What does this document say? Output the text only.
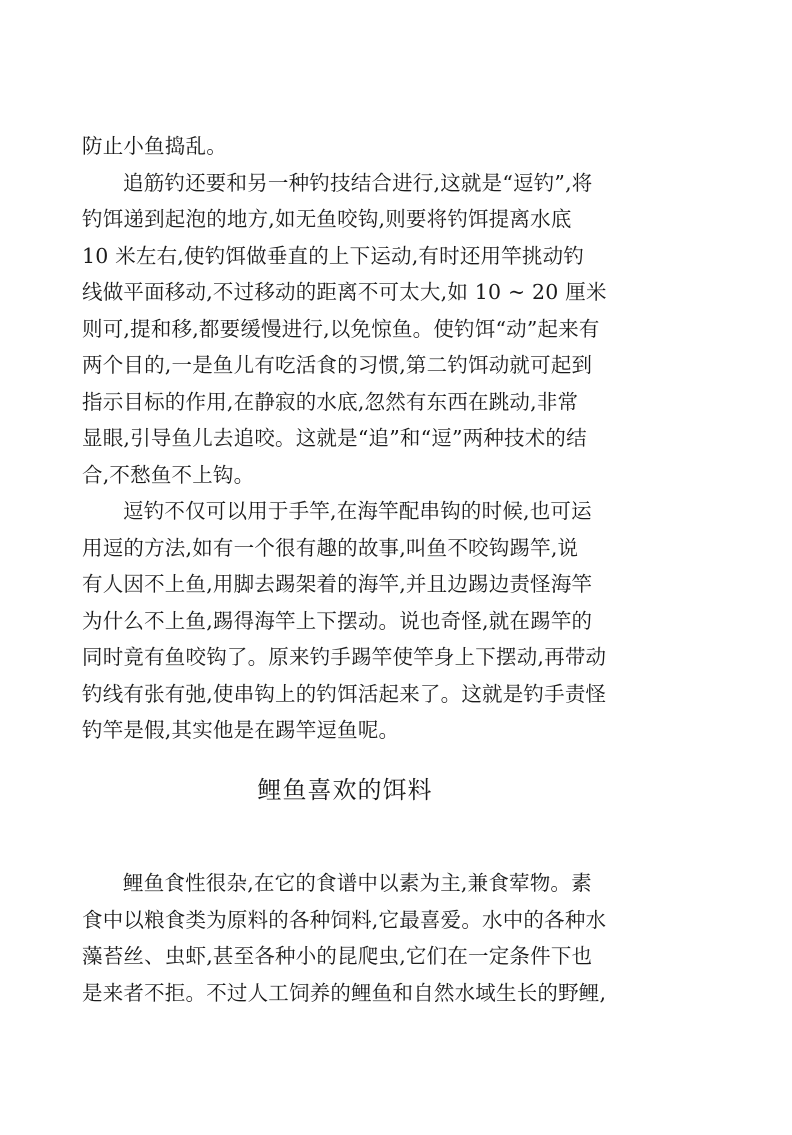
防止小鱼捣乱。
追筋钓还要和另一种钓技结合进行,这就是“逗钓”,将
钓饵递到起泡的地方,如无鱼咬钩,则要将钓饵提离水底
10 米左右,使钓饵做垂直的上下运动,有时还用竿挑动钓
线做平面移动,不过移动的距离不可太大,如 10 ~ 20 厘米
则可,提和移,都要缓慢进行,以免惊鱼。使钓饵“动”起来有
两个目的,一是鱼儿有吃活食的习惯,第二钓饵动就可起到
指示目标的作用,在静寂的水底,忽然有东西在跳动,非常
显眼,引导鱼儿去追咬。这就是“追”和“逗”两种技术的结
合,不愁鱼不上钩。
逗钓不仅可以用于手竿,在海竿配串钩的时候,也可运
用逗的方法,如有一个很有趣的故事,叫鱼不咬钩踢竿,说
有人因不上鱼,用脚去踢架着的海竿,并且边踢边责怪海竿
为什么不上鱼,踢得海竿上下摆动。说也奇怪,就在踢竿的
同时竟有鱼咬钩了。原来钓手踢竿使竿身上下摆动,再带动
钓线有张有弛,使串钩上的钓饵活起来了。这就是钓手责怪
钓竿是假,其实他是在踢竿逗鱼呢。
鲤鱼喜欢的饵料
鲤鱼食性很杂,在它的食谱中以素为主,兼食荤物。素
食中以粮食类为原料的各种饲料,它最喜爱。水中的各种水
藻苔丝、虫虾,甚至各种小的昆爬虫,它们在一定条件下也
是来者不拒。不过人工饲养的鲤鱼和自然水域生长的野鲤,
